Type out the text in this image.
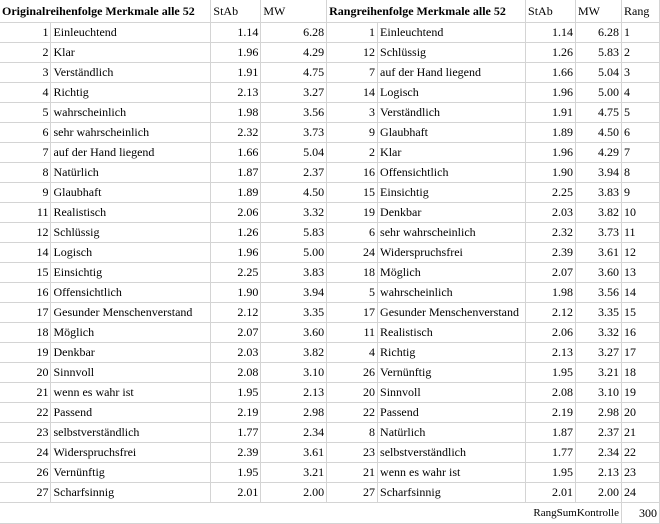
Originalreihenfolge Merkmale alle 52		StAb	MW	Rangreihenfolge Merkmale alle 52		StAb	MW	Rang
1	Einleuchtend	1.14	6.28	1	Einleuchtend	1.14	6.28	1
2	Klar	1.96	4.29	12	Schlüssig	1.26	5.83	2
3	Verständlich	1.91	4.75	7	auf der Hand liegend	1.66	5.04	3
4	Richtig	2.13	3.27	14	Logisch	1.96	5.00	4
5	wahrscheinlich	1.98	3.56	3	Verständlich	1.91	4.75	5
6	sehr wahrscheinlich	2.32	3.73	9	Glaubhaft	1.89	4.50	6
7	auf der Hand liegend	1.66	5.04	2	Klar	1.96	4.29	7
8	Natürlich	1.87	2.37	16	Offensichtlich	1.90	3.94	8
9	Glaubhaft	1.89	4.50	15	Einsichtig	2.25	3.83	9
11	Realistisch	2.06	3.32	19	Denkbar	2.03	3.82	10
12	Schlüssig	1.26	5.83	6	sehr wahrscheinlich	2.32	3.73	11
14	Logisch	1.96	5.00	24	Widerspruchsfrei	2.39	3.61	12
15	Einsichtig	2.25	3.83	18	Möglich	2.07	3.60	13
16	Offensichtlich	1.90	3.94	5	wahrscheinlich	1.98	3.56	14
17	Gesunder Menschenverstand	2.12	3.35	17	Gesunder Menschenverstand	2.12	3.35	15
18	Möglich	2.07	3.60	11	Realistisch	2.06	3.32	16
19	Denkbar	2.03	3.82	4	Richtig	2.13	3.27	17
20	Sinnvoll	2.08	3.10	26	Vernünftig	1.95	3.21	18
21	wenn es wahr ist	1.95	2.13	20	Sinnvoll	2.08	3.10	19
22	Passend	2.19	2.98	22	Passend	2.19	2.98	20
23	selbstverständlich	1.77	2.34	8	Natürlich	1.87	2.37	21
24	Widerspruchsfrei	2.39	3.61	23	selbstverständlich	1.77	2.34	22
26	Vernünftig	1.95	3.21	21	wenn es wahr ist	1.95	2.13	23
27	Scharfsinnig	2.01	2.00	27	Scharfsinnig	2.01	2.00	24
						RangSumKontrolle		300
